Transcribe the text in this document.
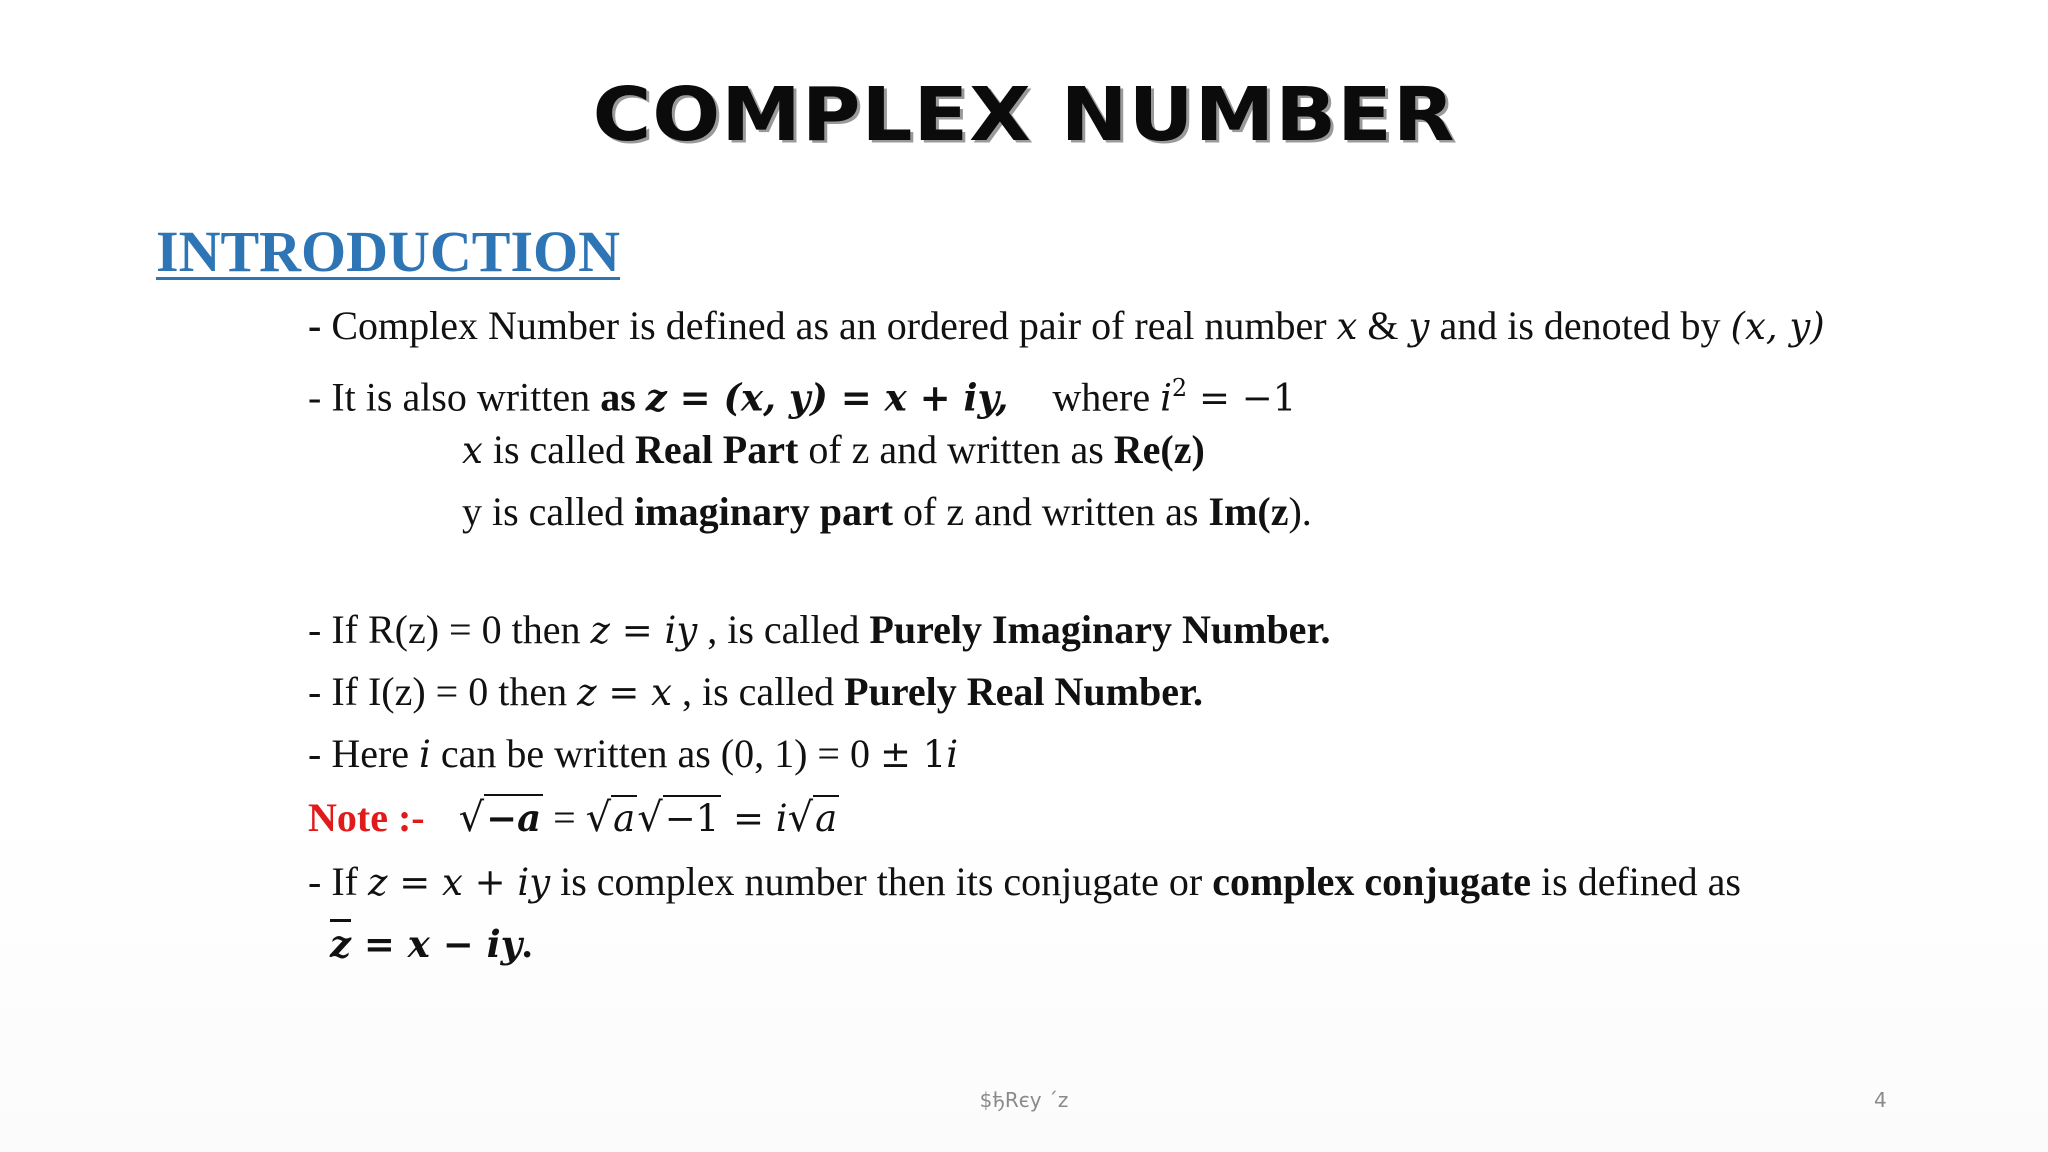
COMPLEX NUMBER
INTRODUCTION
- Complex Number is defined as an ordered pair of real number x & y and is denoted by (x, y)
- It is also written as z = (x, y) = x + iy, where $i^2 = -1$
x is called Real Part of z and written as Re(z)
y is called imaginary part of z and written as Im(z).
- If R(z) = 0 then z = iy , is called Purely Imaginary Number.
- If I(z) = 0 then z = x , is called Purely Real Number.
- Here i can be written as (0, 1) = 0 ± 1i
Note :- √−a = √a√−1 = i√a
- If z = x + iy is complex number then its conjugate or complex conjugate is defined as
$\overline{z} = x$ − iy.
$ђRєy ´z	4
